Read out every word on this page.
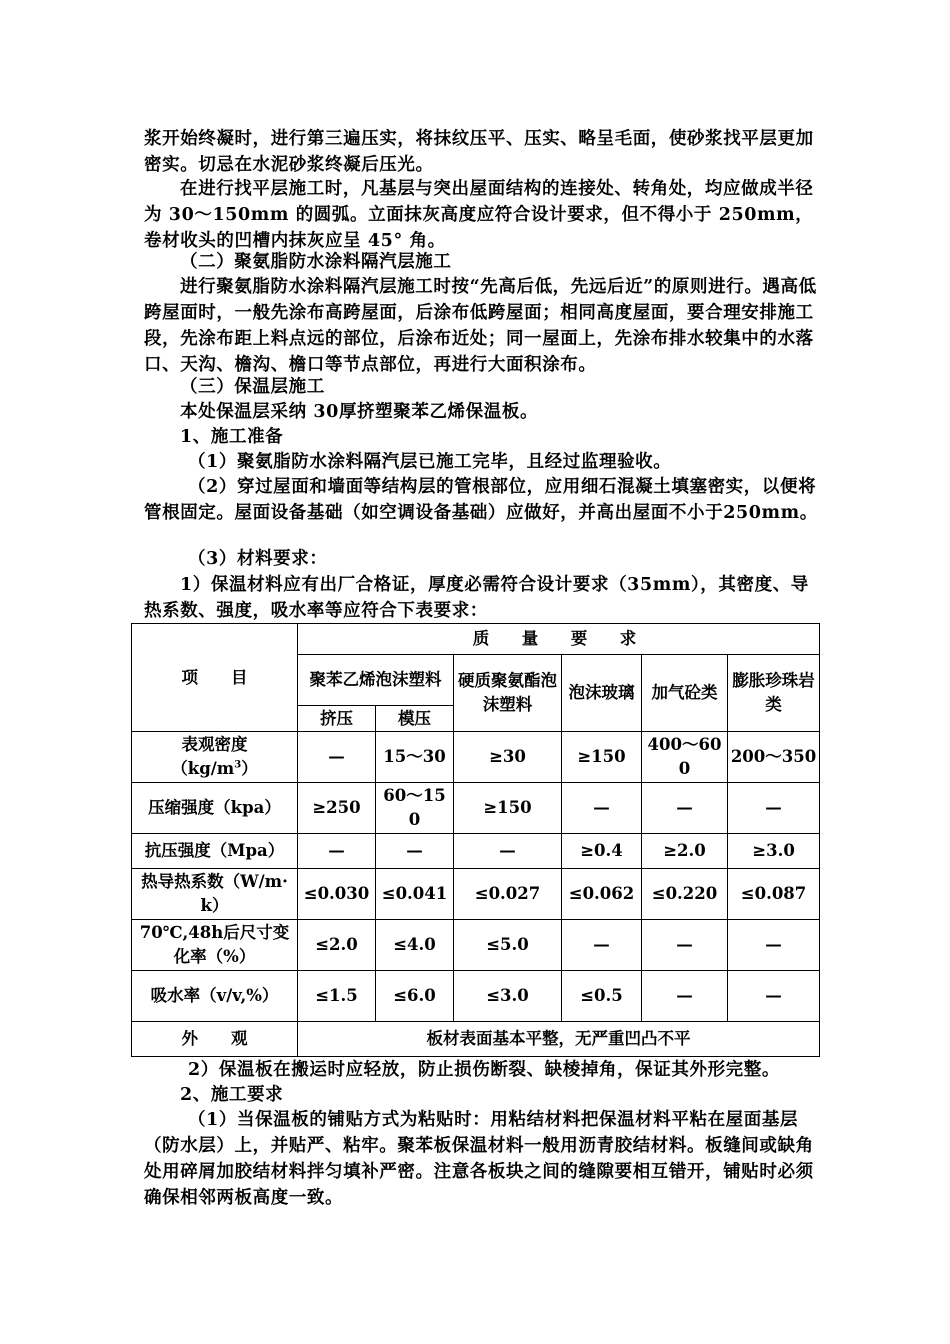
浆开始终凝时，进行第三遍压实，将抹纹压平、压实、略呈毛面，使砂浆找平层更加密实。切忌在水泥砂浆终凝后压光。

在进行找平层施工时，凡基层与突出屋面结构的连接处、转角处，均应做成半径为 30～150mm 的圆弧。立面抹灰高度应符合设计要求，但不得小于 250mm，卷材收头的凹槽内抹灰应呈 45° 角。

（二）聚氨脂防水涂料隔汽层施工

进行聚氨脂防水涂料隔汽层施工时按“先高后低，先远后近”的原则进行。遇高低跨屋面时，一般先涂布高跨屋面，后涂布低跨屋面；相同高度屋面，要合理安排施工段，先涂布距上料点远的部位，后涂布近处；同一屋面上，先涂布排水较集中的水落口、天沟、檐沟、檐口等节点部位，再进行大面积涂布。

（三）保温层施工

本处保温层采纳 30厚挤塑聚苯乙烯保温板。

1、施工准备

（1）聚氨脂防水涂料隔汽层已施工完毕，且经过监理验收。

（2）穿过屋面和墙面等结构层的管根部位，应用细石混凝土填塞密实，以便将管根固定。屋面设备基础（如空调设备基础）应做好，并高出屋面不小于250mm。

（3）材料要求：

1）保温材料应有出厂合格证，厚度必需符合设计要求（35mm），其密度、导热系数、强度，吸水率等应符合下表要求：

项　　目	质　量　要　求					
	聚苯乙烯泡沫塑料		硬质聚氨酯泡沫塑料	泡沫玻璃	加气砼类	膨胀珍珠岩类
	挤压	模压				
表观密度
$(kg/m^3)$	—	15～30	≥30	≥150	400～600	200～350
压缩强度（kpa）	≥250	60～150	≥150	—	—	—
抗压强度（Mpa）	—	—	—	≥0.4	≥2.0	≥3.0
热导热系数（W/m·k）	≤0.030	≤0.041	≤0.027	≤0.062	≤0.220	≤0.087
70℃,48h后尺寸变化率（%）	≤2.0	≤4.0	≤5.0	—	—	—
吸水率（v/v,%）	≤1.5	≤6.0	≤3.0	≤0.5	—	—
外　　观	板材表面基本平整，无严重凹凸不平					

2）保温板在搬运时应轻放，防止损伤断裂、缺棱掉角，保证其外形完整。

2、施工要求

（1）当保温板的铺贴方式为粘贴时：用粘结材料把保温材料平粘在屋面基层（防水层）上，并贴严、粘牢。聚苯板保温材料一般用沥青胶结材料。板缝间或缺角处用碎屑加胶结材料拌匀填补严密。注意各板块之间的缝隙要相互错开，铺贴时必须确保相邻两板高度一致。
